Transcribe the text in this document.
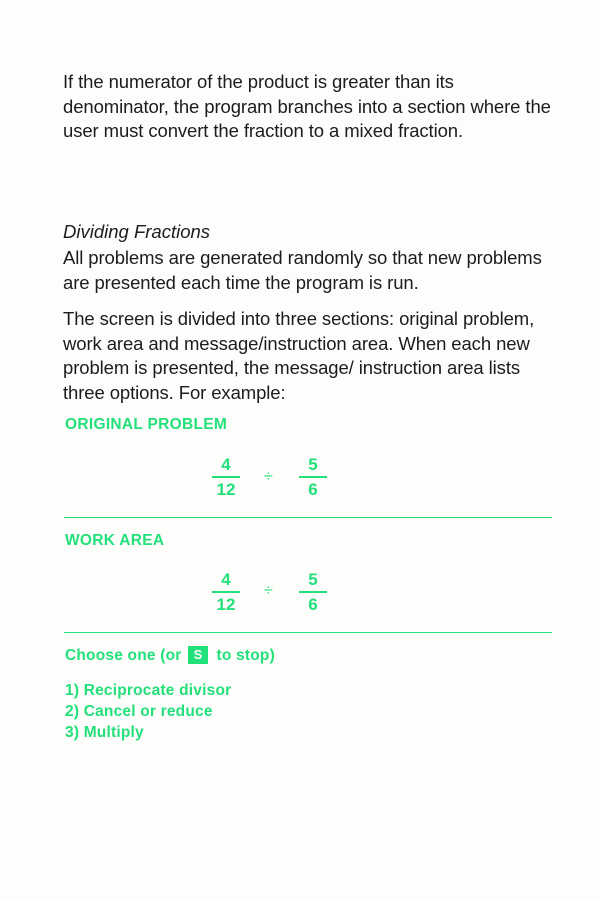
If the numerator of the product is greater than its denominator, the program branches into a section where the user must convert the fraction to a mixed fraction.

Dividing Fractions

All problems are generated randomly so that new problems are presented each time the program is run.

The screen is divided into three sections: original problem, work area and message/instruction area. When each new problem is presented, the message/ instruction area lists three options. For example:

ORIGINAL PROBLEM

4
12
÷
5
6

WORK AREA

4
12
÷
5
6
Choose one (or S to stop)
1) Reciprocate divisor
2) Cancel or reduce
3) Multiply
